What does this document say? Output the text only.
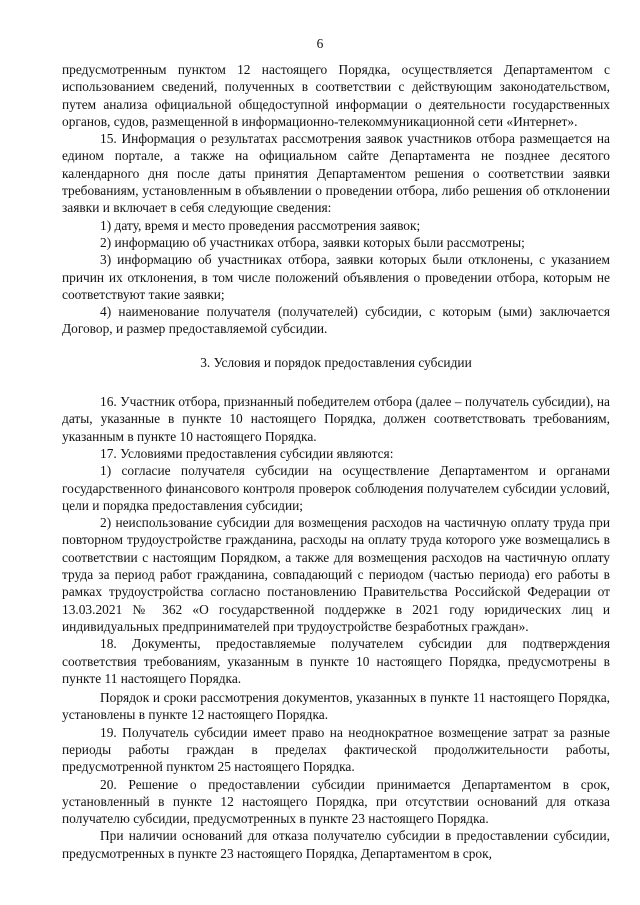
6

предусмотренным пунктом 12 настоящего Порядка, осуществляется Департаментом с использованием сведений, полученных в соответствии с действующим законодательством, путем анализа официальной общедоступной информации о деятельности государственных органов, судов, размещенной в информационно-телекоммуникационной сети «Интернет».

15. Информация о результатах рассмотрения заявок участников отбора размещается на едином портале, а также на официальном сайте Департамента не позднее десятого календарного дня после даты принятия Департаментом решения о соответствии заявки требованиям, установленным в объявлении о проведении отбора, либо решения об отклонении заявки и включает в себя следующие сведения:

1) дату, время и место проведения рассмотрения заявок;

2) информацию об участниках отбора, заявки которых были рассмотрены;

3) информацию об участниках отбора, заявки которых были отклонены, с указанием причин их отклонения, в том числе положений объявления о проведении отбора, которым не соответствуют такие заявки;

4) наименование получателя (получателей) субсидии, с которым (ыми) заключается Договор, и размер предоставляемой субсидии.

3. Условия и порядок предоставления субсидии

16. Участник отбора, признанный победителем отбора (далее – получатель субсидии), на даты, указанные в пункте 10 настоящего Порядка, должен соответствовать требованиям, указанным в пункте 10 настоящего Порядка.

17. Условиями предоставления субсидии являются:

1) согласие получателя субсидии на осуществление Департаментом и органами государственного финансового контроля проверок соблюдения получателем субсидии условий, цели и порядка предоставления субсидии;

2) неиспользование субсидии для возмещения расходов на частичную оплату труда при повторном трудоустройстве гражданина, расходы на оплату труда которого уже возмещались в соответствии с настоящим Порядком, а также для возмещения расходов на частичную оплату труда за период работ гражданина, совпадающий с периодом (частью периода) его работы в рамках трудоустройства согласно постановлению Правительства Российской Федерации от 13.03.2021 № 362 «О государственной поддержке в 2021 году юридических лиц и индивидуальных предпринимателей при трудоустройстве безработных граждан».

18. Документы, предоставляемые получателем субсидии для подтверждения соответствия требованиям, указанным в пункте 10 настоящего Порядка, предусмотрены в пункте 11 настоящего Порядка.

Порядок и сроки рассмотрения документов, указанных в пункте 11 настоящего Порядка, установлены в пункте 12 настоящего Порядка.

19. Получатель субсидии имеет право на неоднократное возмещение затрат за разные периоды работы граждан в пределах фактической продолжительности работы, предусмотренной пунктом 25 настоящего Порядка.

20. Решение о предоставлении субсидии принимается Департаментом в срок, установленный в пункте 12 настоящего Порядка, при отсутствии оснований для отказа получателю субсидии, предусмотренных в пункте 23 настоящего Порядка.

При наличии оснований для отказа получателю субсидии в предоставлении субсидии, предусмотренных в пункте 23 настоящего Порядка, Департаментом в срок,
